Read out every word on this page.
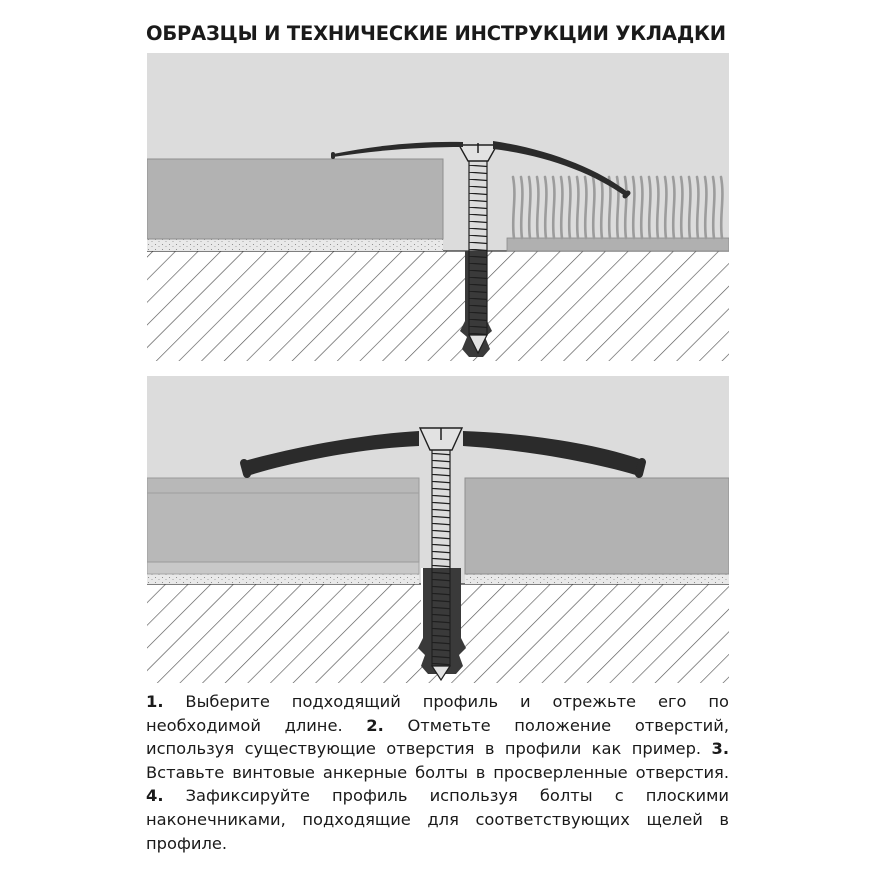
ОБРАЗЦЫ И ТЕХНИЧЕСКИЕ ИНСТРУКЦИИ УКЛАДКИ

1. Выберите подходящий профиль и отрежьте его по необходимой длине. 2. Отметьте положение отверстий, используя существующие отверстия в профили как пример. 3. Вставьте винтовые анкерные болты в просверленные отверстия. 4. Зафиксируйте профиль используя болты с плоскими наконечниками, подходящие для соответствующих щелей в профиле.
